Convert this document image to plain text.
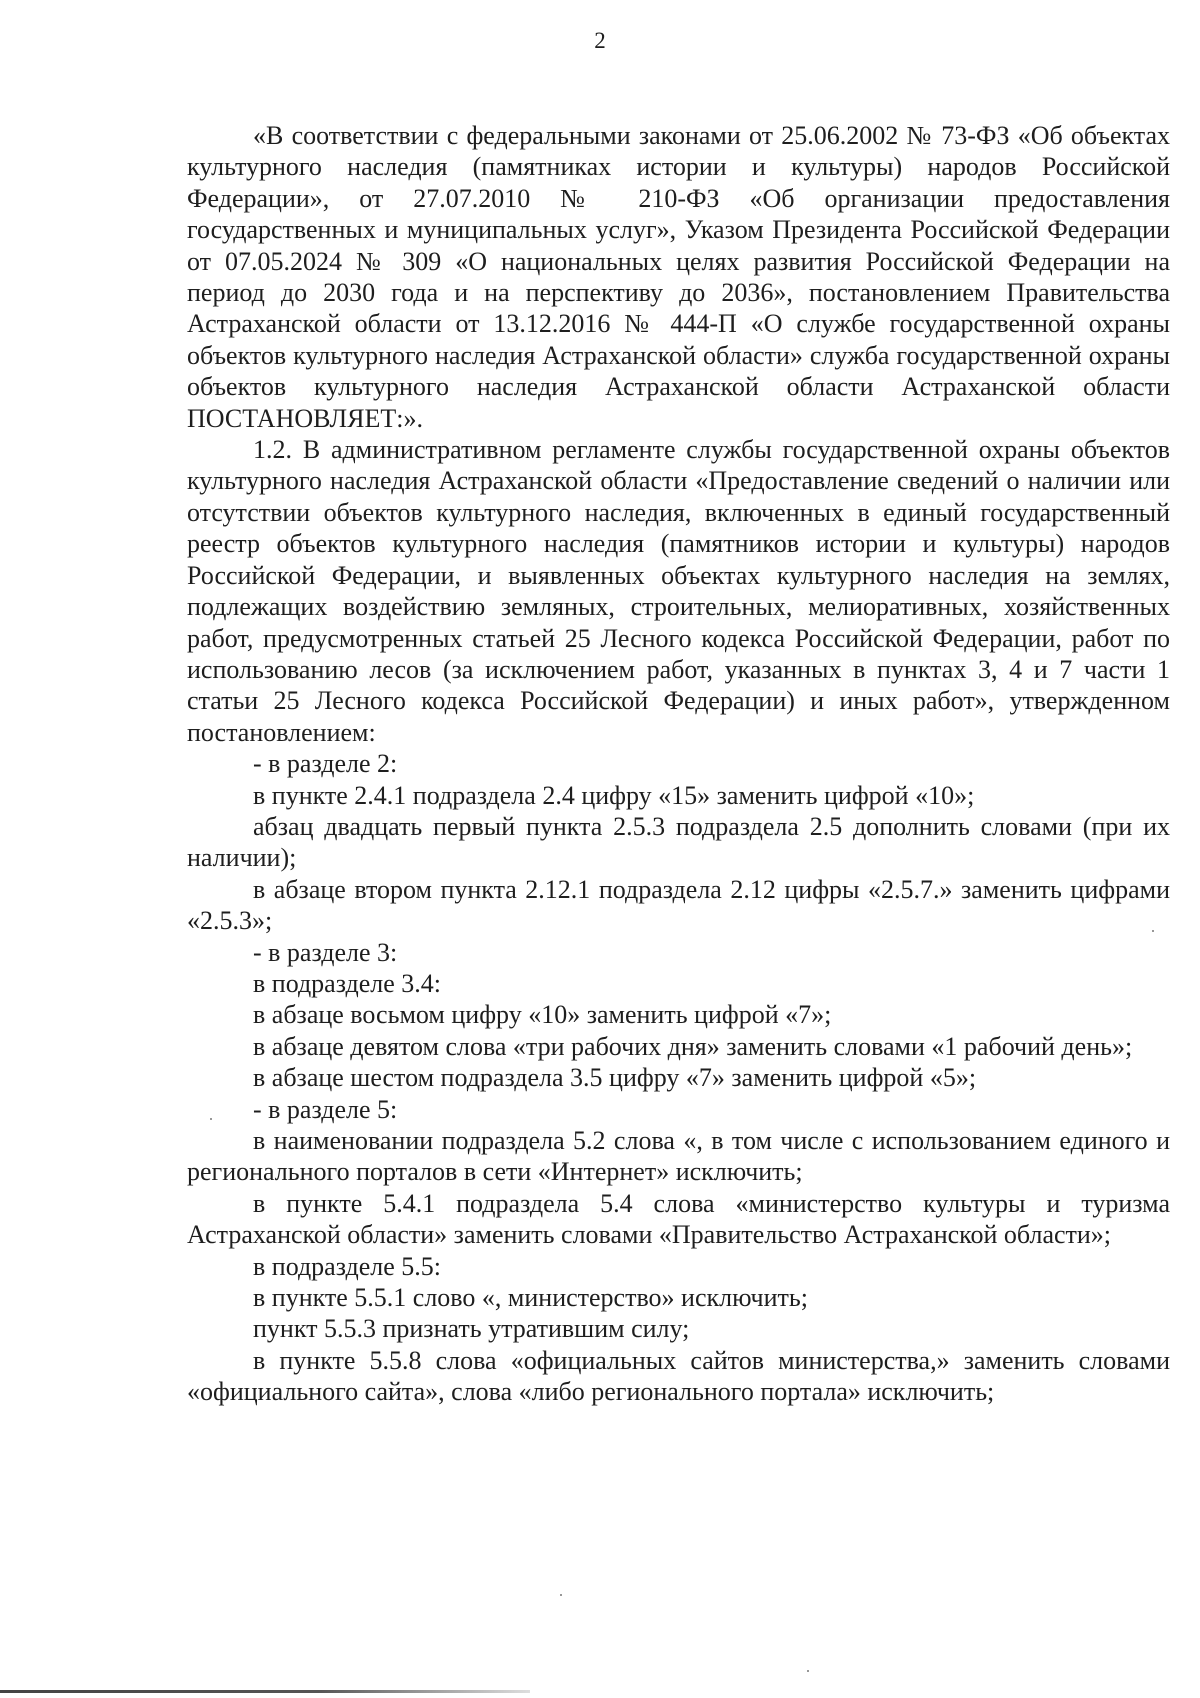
2

«В соответствии с федеральными законами от 25.06.2002 № 73-ФЗ «Об объектах культурного наследия (памятниках истории и культуры) народов Российской Федерации», от 27.07.2010 № 210-ФЗ «Об организации предоставления государственных и муниципальных услуг», Указом Президента Российской Федерации от 07.05.2024 № 309 «О национальных целях развития Российской Федерации на период до 2030 года и на перспективу до 2036», постановлением Правительства Астраханской области от 13.12.2016 № 444-П «О службе государственной охраны объектов культурного наследия Астраханской области» служба государственной охраны объектов культурного наследия Астраханской области Астраханской области ПОСТАНОВЛЯЕТ:».

1.2. В административном регламенте службы государственной охраны объектов культурного наследия Астраханской области «Предоставление сведений о наличии или отсутствии объектов культурного наследия, включенных в единый государственный реестр объектов культурного наследия (памятников истории и культуры) народов Российской Федерации, и выявленных объектах культурного наследия на землях, подлежащих воздействию земляных, строительных, мелиоративных, хозяйственных работ, предусмотренных статьей 25 Лесного кодекса Российской Федерации, работ по использованию лесов (за исключением работ, указанных в пунктах 3, 4 и 7 части 1 статьи 25 Лесного кодекса Российской Федерации) и иных работ», утвержденном постановлением:

- в разделе 2:

в пункте 2.4.1 подраздела 2.4 цифру «15» заменить цифрой «10»;

абзац двадцать первый пункта 2.5.3 подраздела 2.5 дополнить словами (при их наличии);

в абзаце втором пункта 2.12.1 подраздела 2.12 цифры «2.5.7.» заменить цифрами «2.5.3»;

- в разделе 3:

в подразделе 3.4:

в абзаце восьмом цифру «10» заменить цифрой «7»;

в абзаце девятом слова «три рабочих дня» заменить словами «1 рабочий день»;

в абзаце шестом подраздела 3.5 цифру «7» заменить цифрой «5»;

- в разделе 5:

в наименовании подраздела 5.2 слова «, в том числе с использованием единого и регионального порталов в сети «Интернет» исключить;

в пункте 5.4.1 подраздела 5.4 слова «министерство культуры и туризма Астраханской области» заменить словами «Правительство Астраханской области»;

в подразделе 5.5:

в пункте 5.5.1 слово «, министерство» исключить;

пункт 5.5.3 признать утратившим силу;

в пункте 5.5.8 слова «официальных сайтов министерства,» заменить словами «официального сайта», слова «либо регионального портала» исключить;
